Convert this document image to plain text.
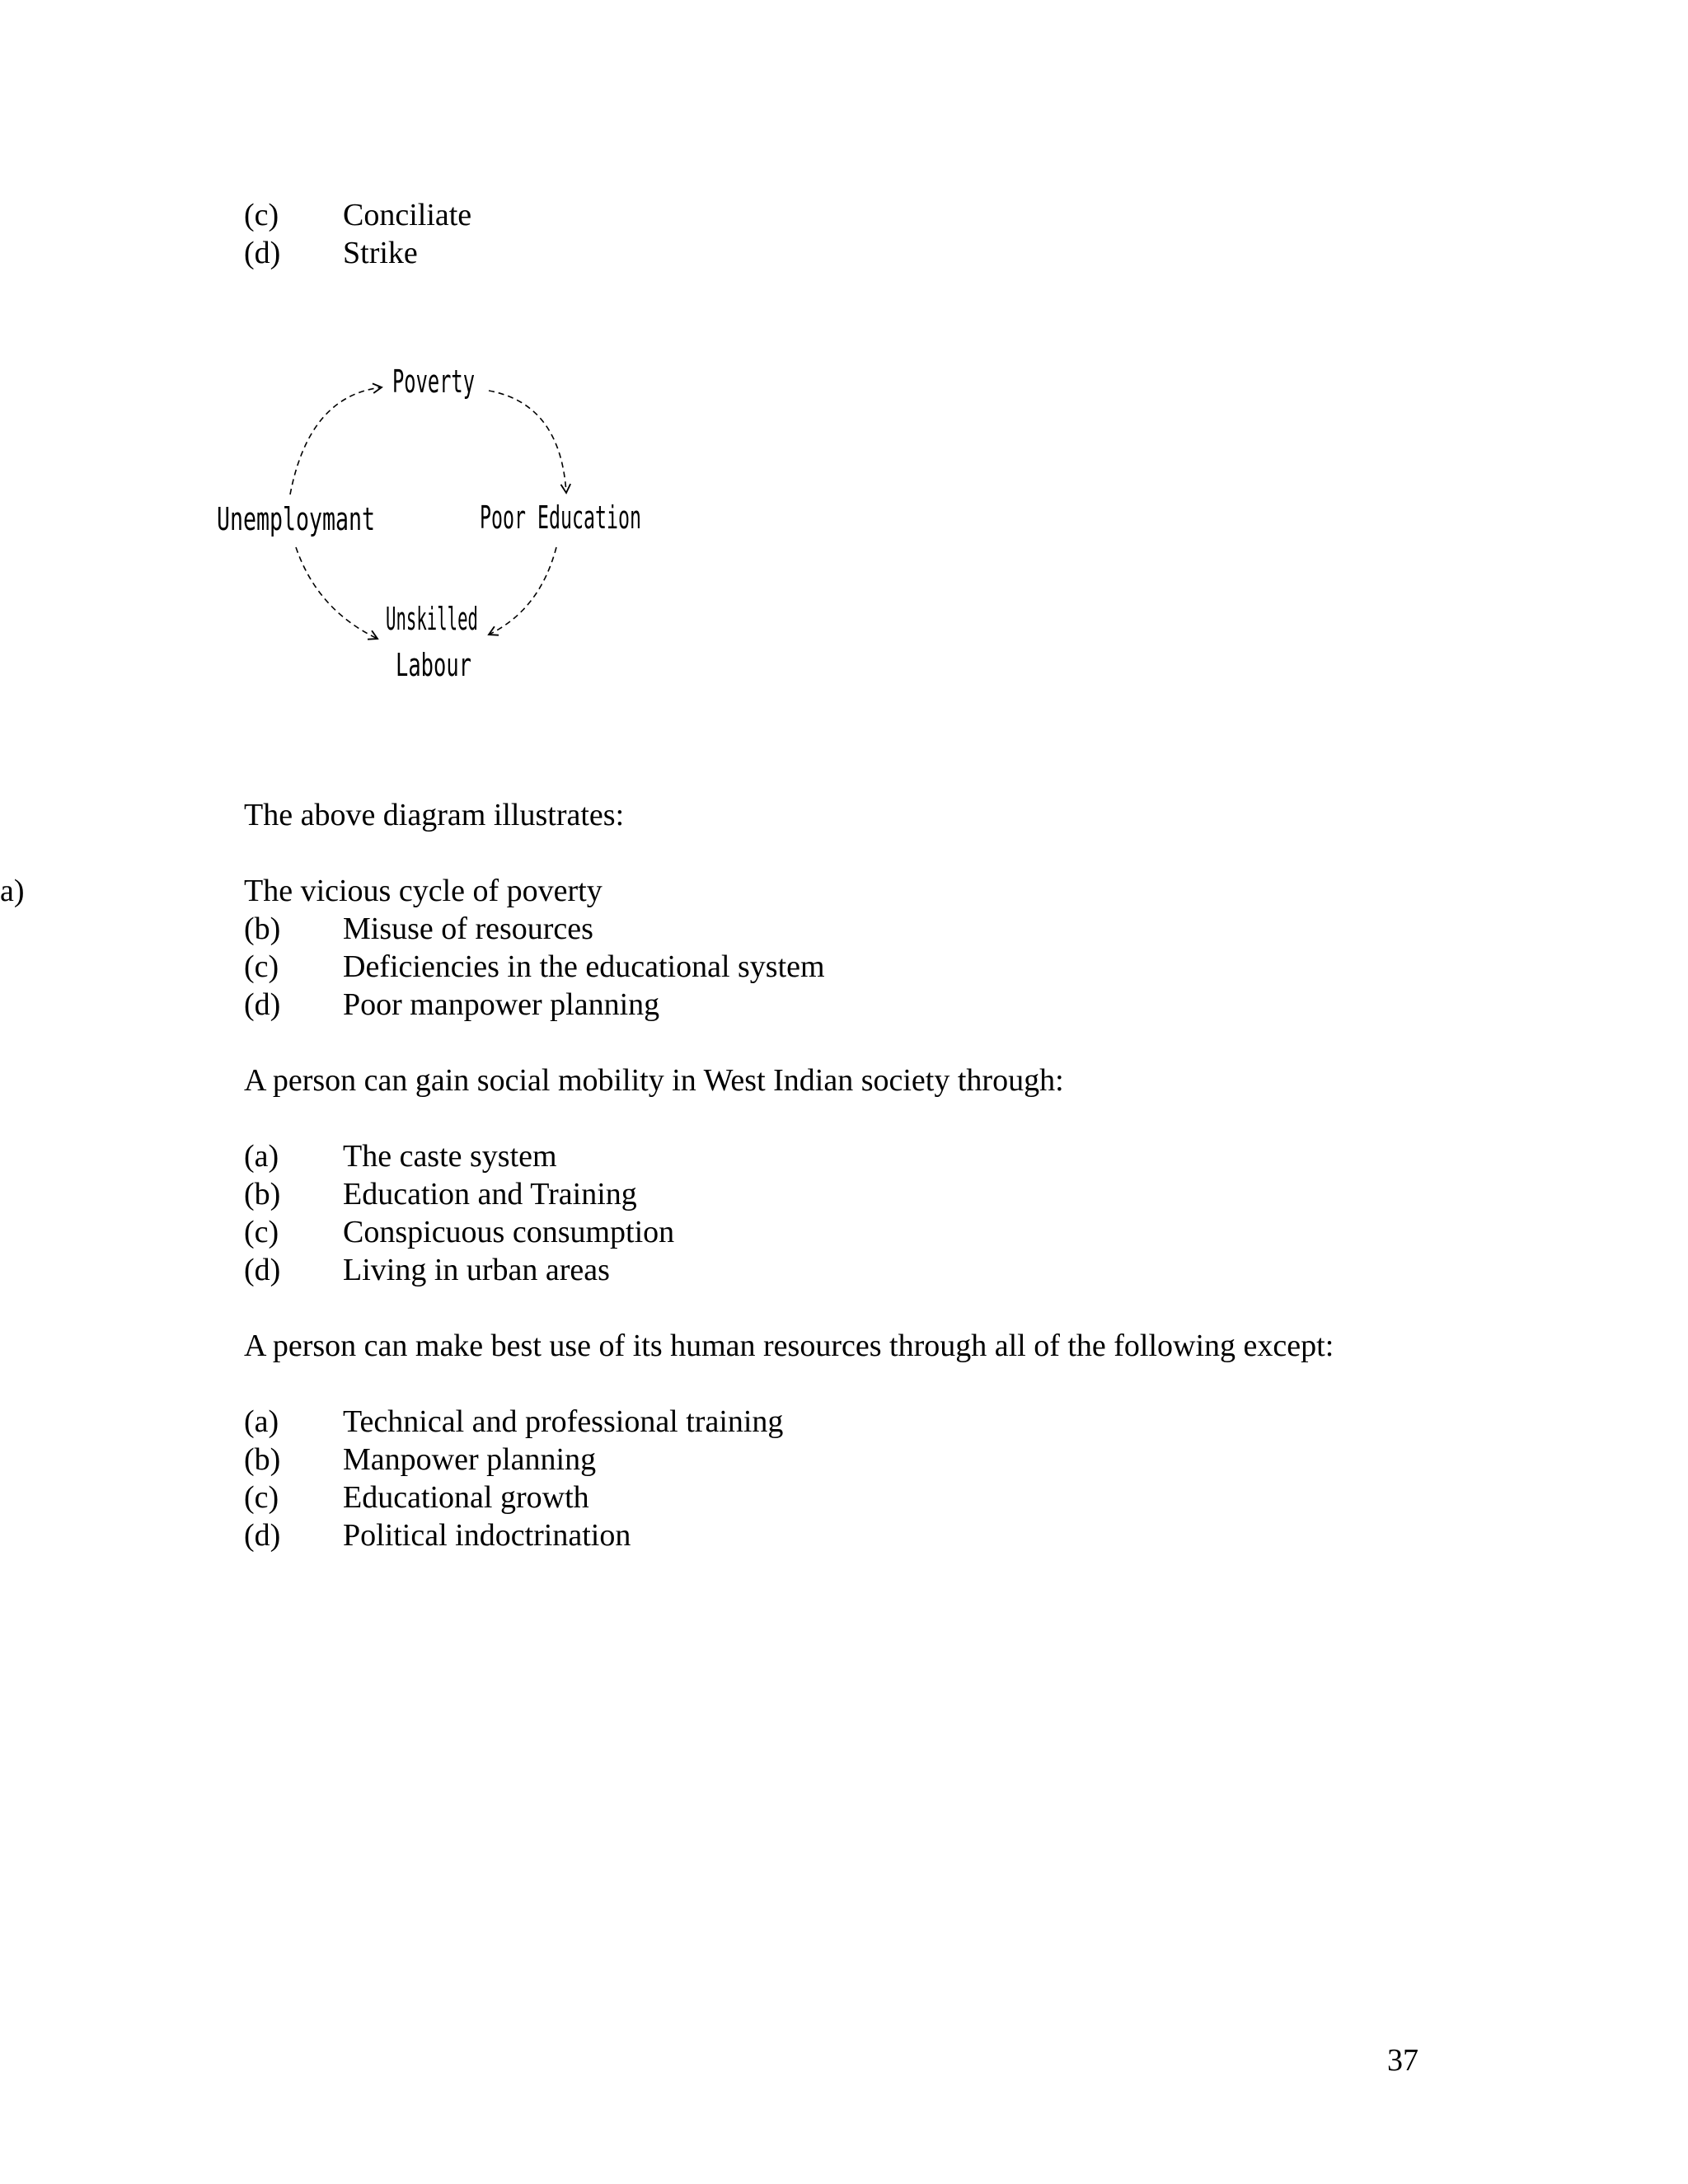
(c) Conciliate
(d) Strike
Poverty
Poor Education
Unskilled
Labour
Unemploymant
The above diagram illustrates:
a)	The vicious cycle of poverty
(b) Misuse of resources
(c) Deficiencies in the educational system
(d) Poor manpower planning
A person can gain social mobility in West Indian society through:
(a) The caste system
(b) Education and Training
(c) Conspicuous consumption
(d) Living in urban areas
A person can make best use of its human resources through all of the following except:
(a) Technical and professional training
(b) Manpower planning
(c) Educational growth
(d) Political indoctrination
37
